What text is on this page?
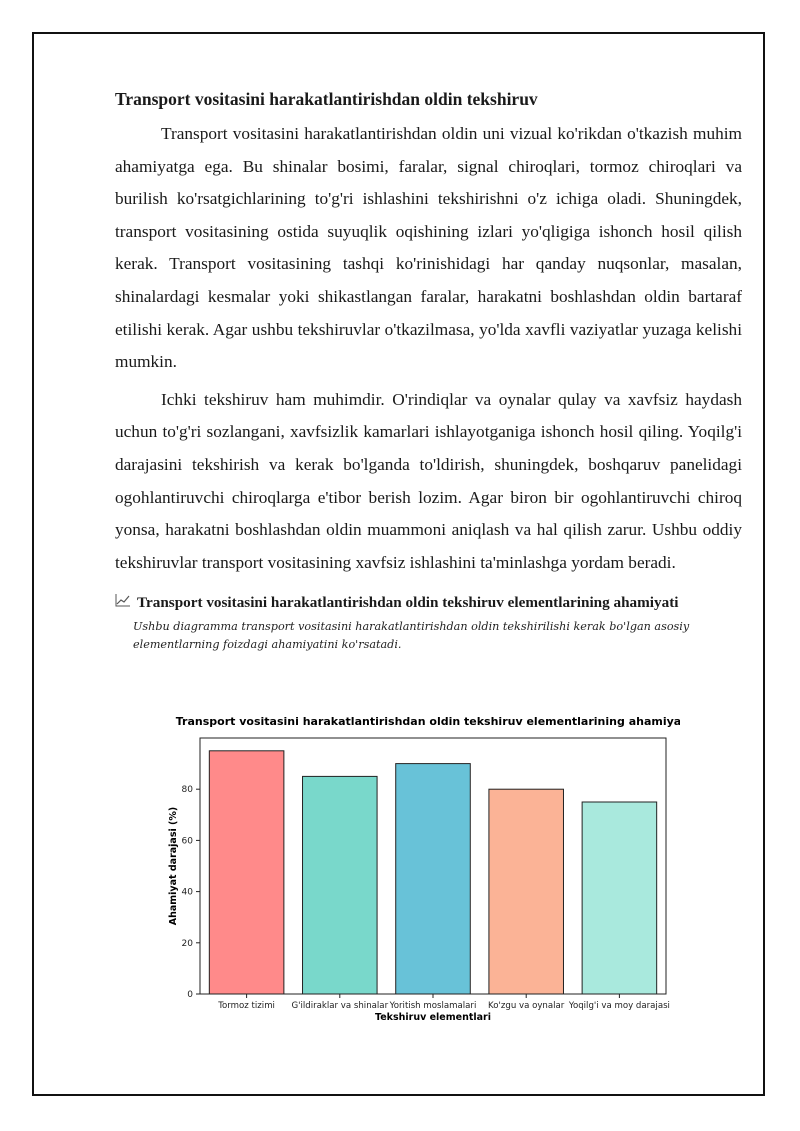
Transport vositasini harakatlantirishdan oldin tekshiruv

Transport vositasini harakatlantirishdan oldin uni vizual ko'rikdan o'tkazish muhim ahamiyatga ega. Bu shinalar bosimi, faralar, signal chiroqlari, tormoz chiroqlari va burilish ko'rsatgichlarining to'g'ri ishlashini tekshirishni o'z ichiga oladi. Shuningdek, transport vositasining ostida suyuqlik oqishining izlari yo'qligiga ishonch hosil qilish kerak. Transport vositasining tashqi ko'rinishidagi har qanday nuqsonlar, masalan, shinalardagi kesmalar yoki shikastlangan faralar, harakatni boshlashdan oldin bartaraf etilishi kerak. Agar ushbu tekshiruvlar o'tkazilmasa, yo'lda xavfli vaziyatlar yuzaga kelishi mumkin.

Ichki tekshiruv ham muhimdir. O'rindiqlar va oynalar qulay va xavfsiz haydash uchun to'g'ri sozlangani, xavfsizlik kamarlari ishlayotganiga ishonch hosil qiling. Yoqilg'i darajasini tekshirish va kerak bo'lganda to'ldirish, shuningdek, boshqaruv panelidagi ogohlantiruvchi chiroqlarga e'tibor berish lozim. Agar biron bir ogohlantiruvchi chiroq yonsa, harakatni boshlashdan oldin muammoni aniqlash va hal qilish zarur. Ushbu oddiy tekshiruvlar transport vositasining xavfsiz ishlashini ta'minlashga yordam beradi.

Transport vositasini harakatlantirishdan oldin tekshiruv elementlarining ahamiyati
Ushbu diagramma transport vositasini harakatlantirishdan oldin tekshirilishi kerak bo'lgan asosiy elementlarning foizdagi ahamiyatini ko'rsatadi.
Transport vositasini harakatlantirishdan oldin tekshiruv elementlarining ahamiyati
0
20
40
60
80
Tormoz tizimi G'ildiraklar va shinalar Yoritish moslamalari Ko'zgu va oynalar Yoqilg'i va moy darajasi
Tekshiruv elementlari
Ahamiyat darajasi (%)
